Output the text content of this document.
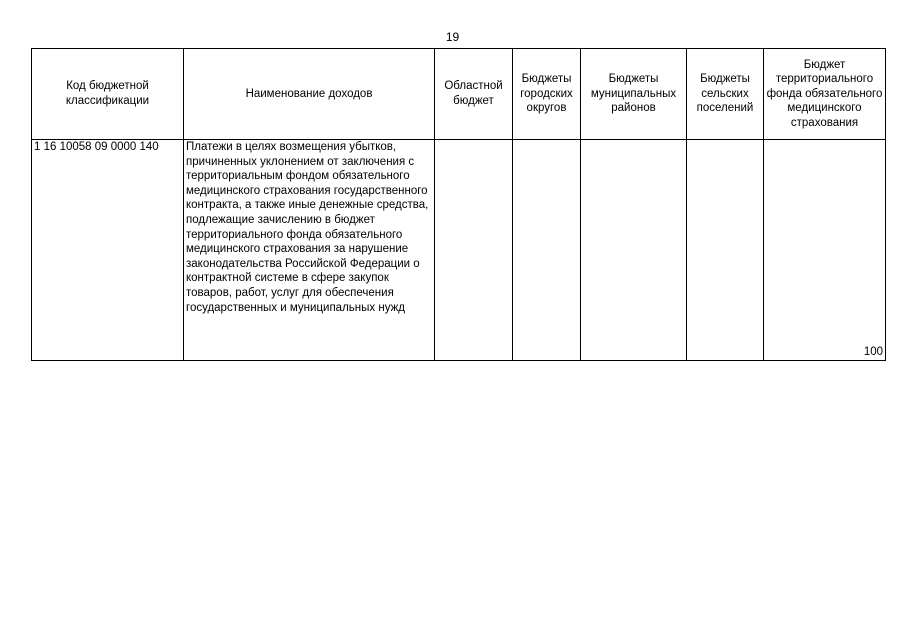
19
Код бюджетной классификации	Наименование доходов	Областной бюджет	Бюджеты городских округов	Бюджеты муниципальных районов	Бюджеты сельских поселений	Бюджет территориального фонда обязательного медицинского страхования
1 16 10058 09 0000 140	Платежи в целях возмещения убытков, причиненных уклонением от заключения с территориальным фондом обязательного медицинского страхования государственного контракта, а также иные денежные средства, подлежащие зачислению в бюджет территориального фонда обязательного медицинского страхования за нарушение законодательства Российской Федерации о контрактной системе в сфере закупок товаров, работ, услуг для обеспечения государственных и муниципальных нужд					100
